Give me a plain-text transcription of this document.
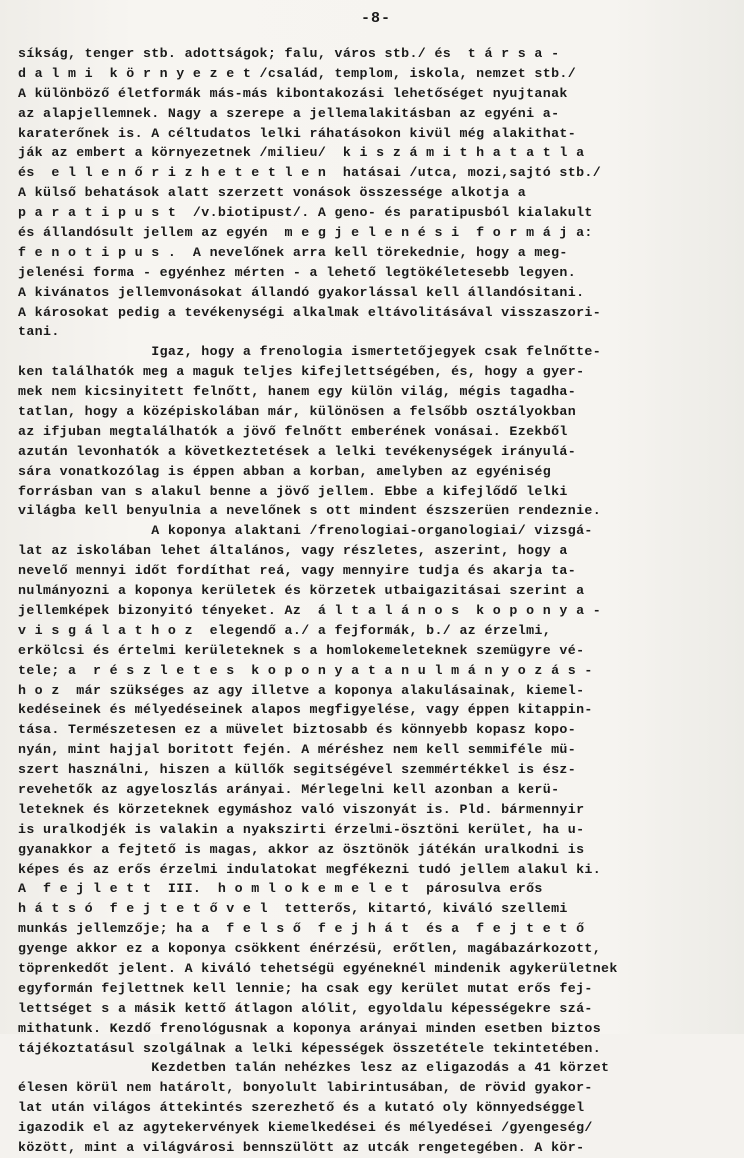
-8-
síkság, tenger stb. adottságok; falu, város stb./ és  t á r s a -
d a l m i  k ö r n y e z e t /család, templom, iskola, nemzet stb./
A különböző életformák más-más kibontakozási lehetőséget nyujtanak
az alapjellemnek. Nagy a szerepe a jellemalakitásban az egyéni a-
karaterőnek is. A céltudatos lelki ráhatásokon kivül még alakithat-
ják az embert a környezetnek /milieu/  k i s z á m i t h a t a t l a
és  e l l e n ő r i z h e t e t l e n  hatásai /utca, mozi,sajtó stb./
A külső behatások alatt szerzett vonások összessége alkotja a
p a r a t i p u s t  /v.biotipust/. A geno- és paratipusból kialakult
és állandósult jellem az egyén  m e g j e l e n é s i  f o r m á j a:
f e n o t i p u s .  A nevelőnek arra kell törekednie, hogy a meg-
jelenési forma - egyénhez mérten - a lehető legtökéletesebb legyen.
A kivánatos jellemvonásokat állandó gyakorlással kell állandósitani.
A károsokat pedig a tevékenységi alkalmak eltávolitásával visszaszori-
tani.
Igaz, hogy a frenologia ismertetőjegyek csak felnőtte-
ken találhatók meg a maguk teljes kifejlettségében, és, hogy a gyer-
mek nem kicsinyitett felnőtt, hanem egy külön világ, mégis tagadha-
tatlan, hogy a középiskolában már, különösen a felsőbb osztályokban
az ifjuban megtalálhatók a jövő felnőtt emberének vonásai. Ezekből
azután levonhatók a következtetések a lelki tevékenységek irányulá-
sára vonatkozólag is éppen abban a korban, amelyben az egyéniség
forrásban van s alakul benne a jövő jellem. Ebbe a kifejlődő lelki
világba kell benyulnia a nevelőnek s ott mindent észszerüen rendeznie.
A koponya alaktani /frenologiai-organologiai/ vizsgá-
lat az iskolában lehet általános, vagy részletes, aszerint, hogy a
nevelő mennyi időt fordíthat reá, vagy mennyire tudja és akarja ta-
nulmányozni a koponya kerületek és körzetek utbaigazitásai szerint a
jellemképek bizonyitó tényeket. Az  á l t a l á n o s  k o p o n y a -
v i s g á l a t h o z  elegendő a./ a fejformák, b./ az érzelmi,
erkölcsi és értelmi kerületeknek s a homlokemeleteknek szemügyre vé-
tele; a  r é s z l e t e s  k o p o n y a t a n u l m á n y o z á s -
h o z  már szükséges az agy illetve a koponya alakulásainak, kiemel-
kedéseinek és mélyedéseinek alapos megfigyelése, vagy éppen kitappin-
tása. Természetesen ez a müvelet biztosabb és könnyebb kopasz kopo-
nyán, mint hajjal boritott fején. A méréshez nem kell semmiféle mü-
szert használni, hiszen a küllők segitségével szemmértékkel is ész-
revehetők az agyeloszlás arányai. Mérlegelni kell azonban a kerü-
leteknek és körzeteknek egymáshoz való viszonyát is. Pld. bármennyir
is uralkodjék is valakin a nyakszirti érzelmi-ösztöni kerület, ha u-
gyanakkor a fejtető is magas, akkor az ösztönök játékán uralkodni is
képes és az erős érzelmi indulatokat megfékezni tudó jellem alakul ki.
A  f e j l e t t  III.  h o m l o k e m e l e t  párosulva erős
h á t s ó  f e j t e t ő v e l  tetterős, kitartó, kiváló szellemi
munkás jellemzője; ha a  f e l s ő  f e j h á t  és a  f e j t e t ő
gyenge akkor ez a koponya csökkent énérzésü, erőtlen, magábazárkozott,
töprenkedőt jelent. A kiváló tehetségü egyéneknél mindenik agykerületnek
egyformán fejlettnek kell lennie; ha csak egy kerület mutat erős fej-
lettséget s a másik kettő átlagon alólit, egyoldalu képességekre szá-
mithatunk. Kezdő frenológusnak a koponya arányai minden esetben biztos
tájékoztatásul szolgálnak a lelki képességek összetétele tekintetében.
Kezdetben talán nehézkes lesz az eligazodás a 41 körzet
élesen körül nem határolt, bonyolult labirintusában, de rövid gyakor-
lat után világos áttekintés szerezhető és a kutató oly könnyedséggel
igazodik el az agytekervények kiemelkedései és mélyedései /gyengeség/
között, mint a világvárosi bennszülött az utcák rengetegében. A kör-
